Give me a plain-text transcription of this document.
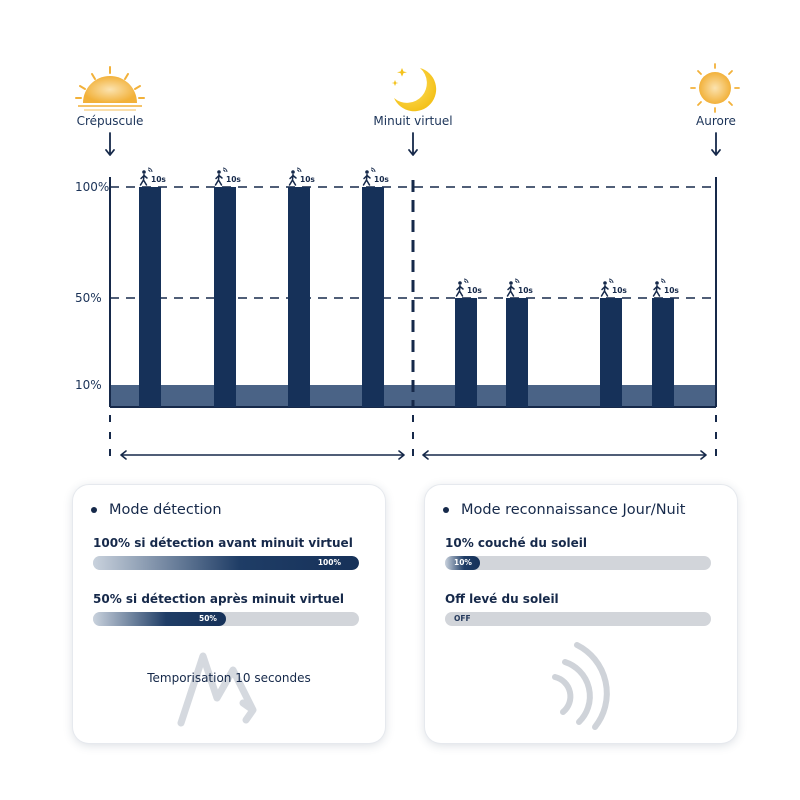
Crépuscule	Minuit virtuel	Aurore
100%
50%
10%
10s	10s	10s	10s
10s	10s	10s	10s
Mode détection
100% si détection avant minuit virtuel
100%
50% si détection après minuit virtuel
50%
Temporisation 10 secondes
Mode reconnaissance Jour/Nuit
10% couché du soleil
10%
Off levé du soleil
OFF
